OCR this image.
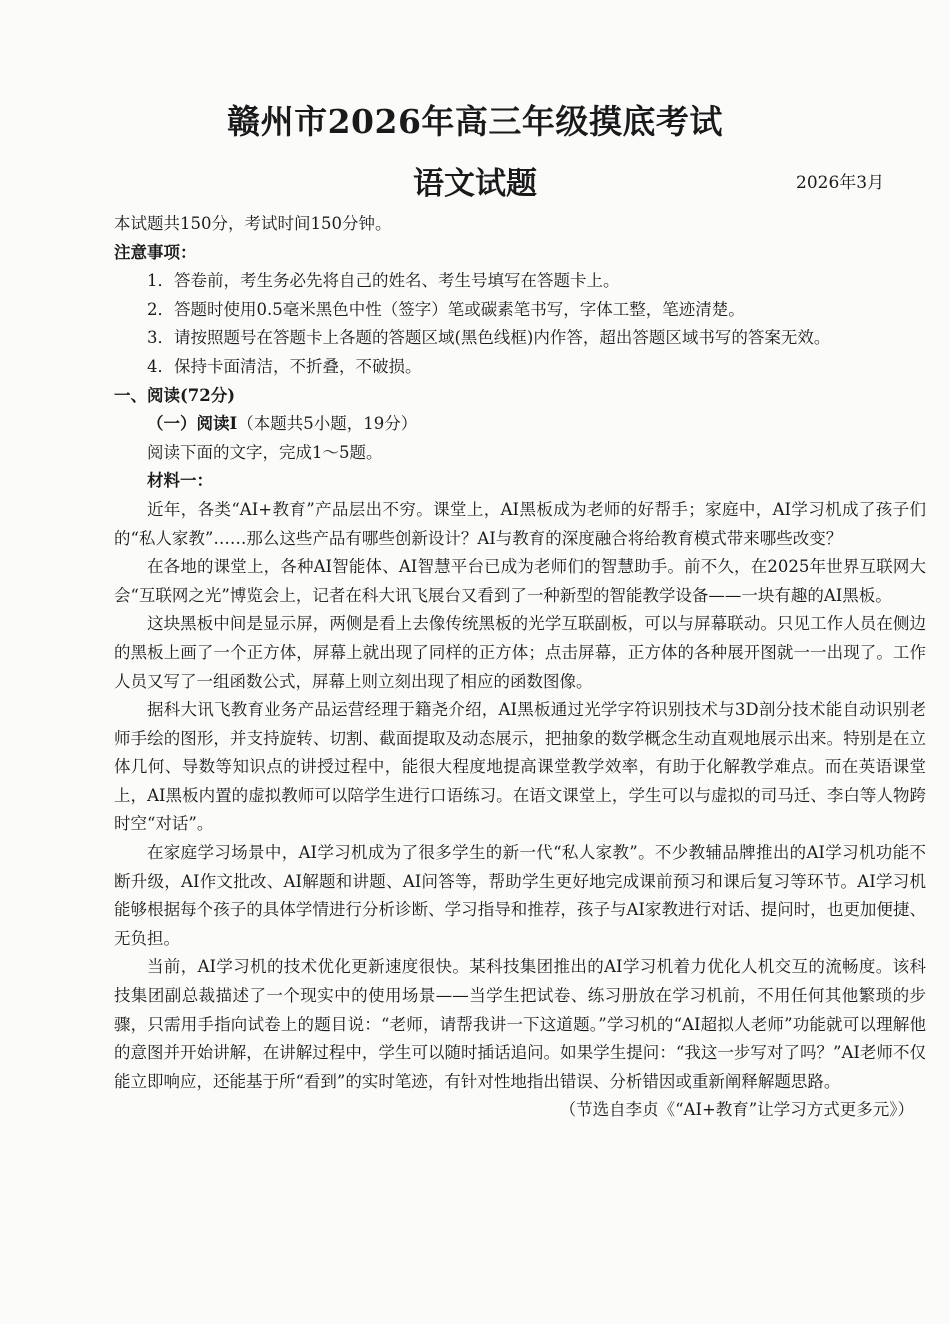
赣州市2026年高三年级摸底考试
语文试题	2026年3月

本试题共150分，考试时间150分钟。

注意事项：

1．答卷前，考生务必先将自己的姓名、考生号填写在答题卡上。

2．答题时使用0.5毫米黑色中性（签字）笔或碳素笔书写，字体工整，笔迹清楚。

3．请按照题号在答题卡上各题的答题区域(黑色线框)内作答，超出答题区域书写的答案无效。

4．保持卡面清洁，不折叠，不破损。

一、阅读(72分)

（一）阅读Ⅰ（本题共5小题，19分）

阅读下面的文字，完成1～5题。

材料一：

近年，各类“AI+教育”产品层出不穷。课堂上，AI黑板成为老师的好帮手；家庭中，AI学习机成了孩子们的“私人家教”……那么这些产品有哪些创新设计？AI与教育的深度融合将给教育模式带来哪些改变？

在各地的课堂上，各种AI智能体、AI智慧平台已成为老师们的智慧助手。前不久，在2025年世界互联网大会“互联网之光”博览会上，记者在科大讯飞展台又看到了一种新型的智能教学设备——一块有趣的AI黑板。

这块黑板中间是显示屏，两侧是看上去像传统黑板的光学互联副板，可以与屏幕联动。只见工作人员在侧边的黑板上画了一个正方体，屏幕上就出现了同样的正方体；点击屏幕，正方体的各种展开图就一一出现了。工作人员又写了一组函数公式，屏幕上则立刻出现了相应的函数图像。

据科大讯飞教育业务产品运营经理于籍尧介绍，AI黑板通过光学字符识别技术与3D剖分技术能自动识别老师手绘的图形，并支持旋转、切割、截面提取及动态展示，把抽象的数学概念生动直观地展示出来。特别是在立体几何、导数等知识点的讲授过程中，能很大程度地提高课堂教学效率，有助于化解教学难点。而在英语课堂上，AI黑板内置的虚拟教师可以陪学生进行口语练习。在语文课堂上，学生可以与虚拟的司马迁、李白等人物跨时空“对话”。

在家庭学习场景中，AI学习机成为了很多学生的新一代“私人家教”。不少教辅品牌推出的AI学习机功能不断升级，AI作文批改、AI解题和讲题、AI问答等，帮助学生更好地完成课前预习和课后复习等环节。AI学习机能够根据每个孩子的具体学情进行分析诊断、学习指导和推荐，孩子与AI家教进行对话、提问时，也更加便捷、无负担。

当前，AI学习机的技术优化更新速度很快。某科技集团推出的AI学习机着力优化人机交互的流畅度。该科技集团副总裁描述了一个现实中的使用场景——当学生把试卷、练习册放在学习机前，不用任何其他繁琐的步骤，只需用手指向试卷上的题目说：“老师，请帮我讲一下这道题。”学习机的“AI超拟人老师”功能就可以理解他的意图并开始讲解，在讲解过程中，学生可以随时插话追问。如果学生提问：“我这一步写对了吗？”AI老师不仅能立即响应，还能基于所“看到”的实时笔迹，有针对性地指出错误、分析错因或重新阐释解题思路。

（节选自李贞《“AI+教育”让学习方式更多元》）
